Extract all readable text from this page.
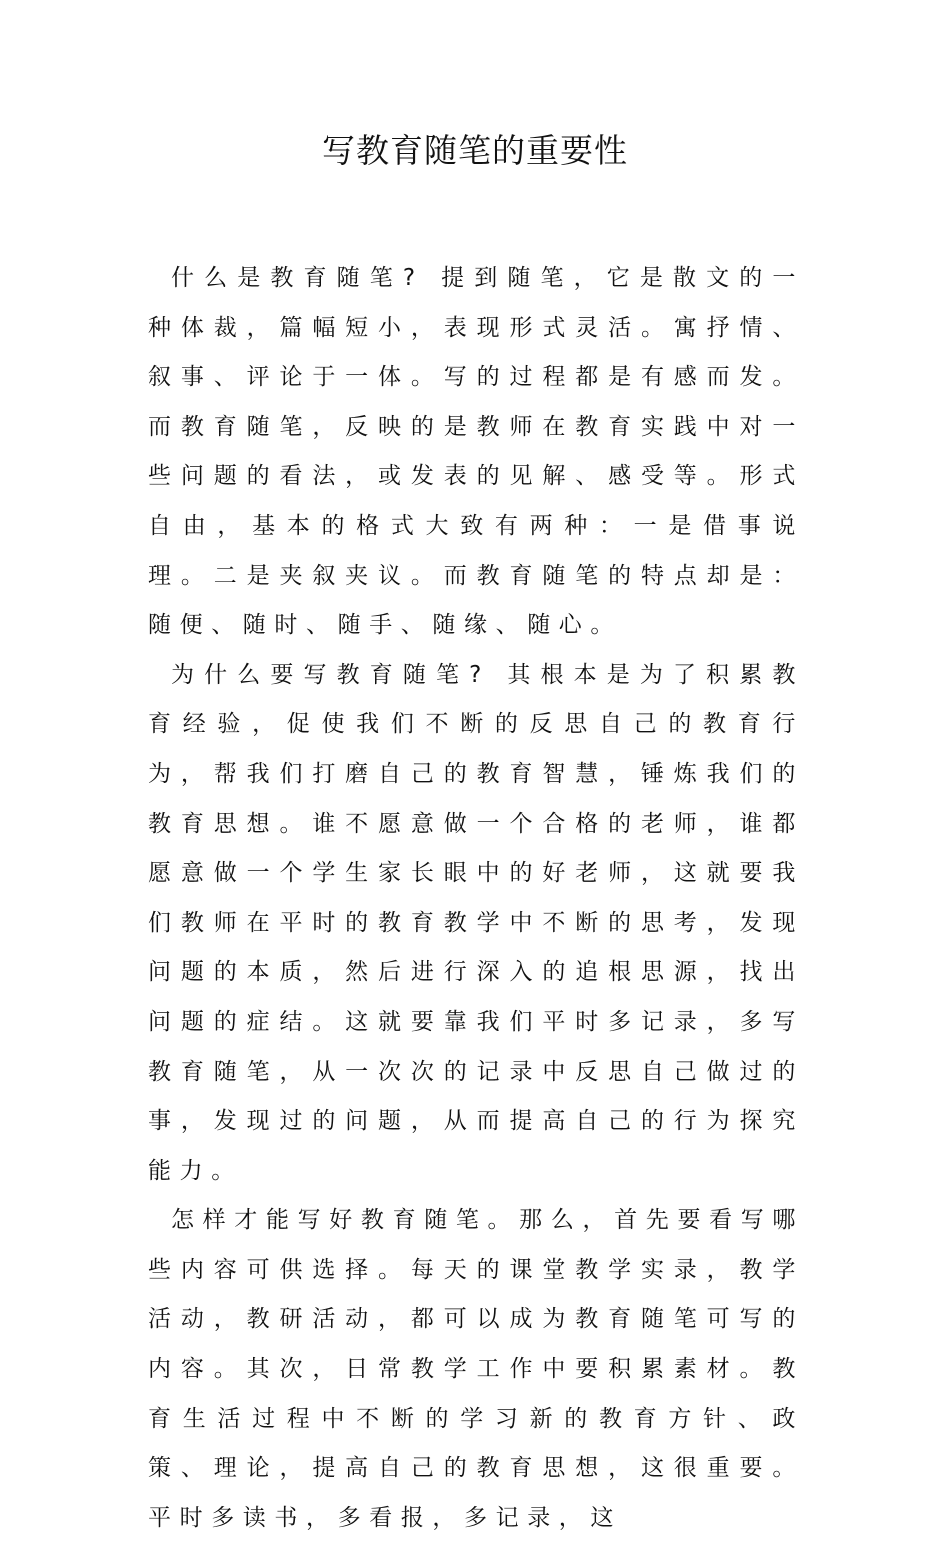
写教育随笔的重要性

什么是教育随笔? 提到随笔，它是散文的一种体裁，篇幅短小，表现形式灵活。寓抒情、叙事、评论于一体。写的过程都是有感而发。而教育随笔，反映的是教师在教育实践中对一些问题的看法，或发表的见解、感受等。形式自由，基本的格式大致有两种：一是借事说理。二是夹叙夹议。而教育随笔的特点却是：随便、随时、随手、随缘、随心。

为什么要写教育随笔? 其根本是为了积累教育经验，促使我们不断的反思自己的教育行为，帮我们打磨自己的教育智慧，锤炼我们的教育思想。谁不愿意做一个合格的老师，谁都愿意做一个学生家长眼中的好老师，这就要我们教师在平时的教育教学中不断的思考，发现问题的本质，然后进行深入的追根思源，找出问题的症结。这就要靠我们平时多记录，多写教育随笔，从一次次的记录中反思自己做过的事，发现过的问题，从而提高自己的行为探究能力。

怎样才能写好教育随笔。那么，首先要看写哪些内容可供选择。每天的课堂教学实录，教学活动，教研活动，都可以成为教育随笔可写的内容。其次，日常教学工作中要积累素材。教育生活过程中不断的学习新的教育方针、政策、理论，提高自己的教育思想，这很重要。平时多读书，多看报，多记录，这
